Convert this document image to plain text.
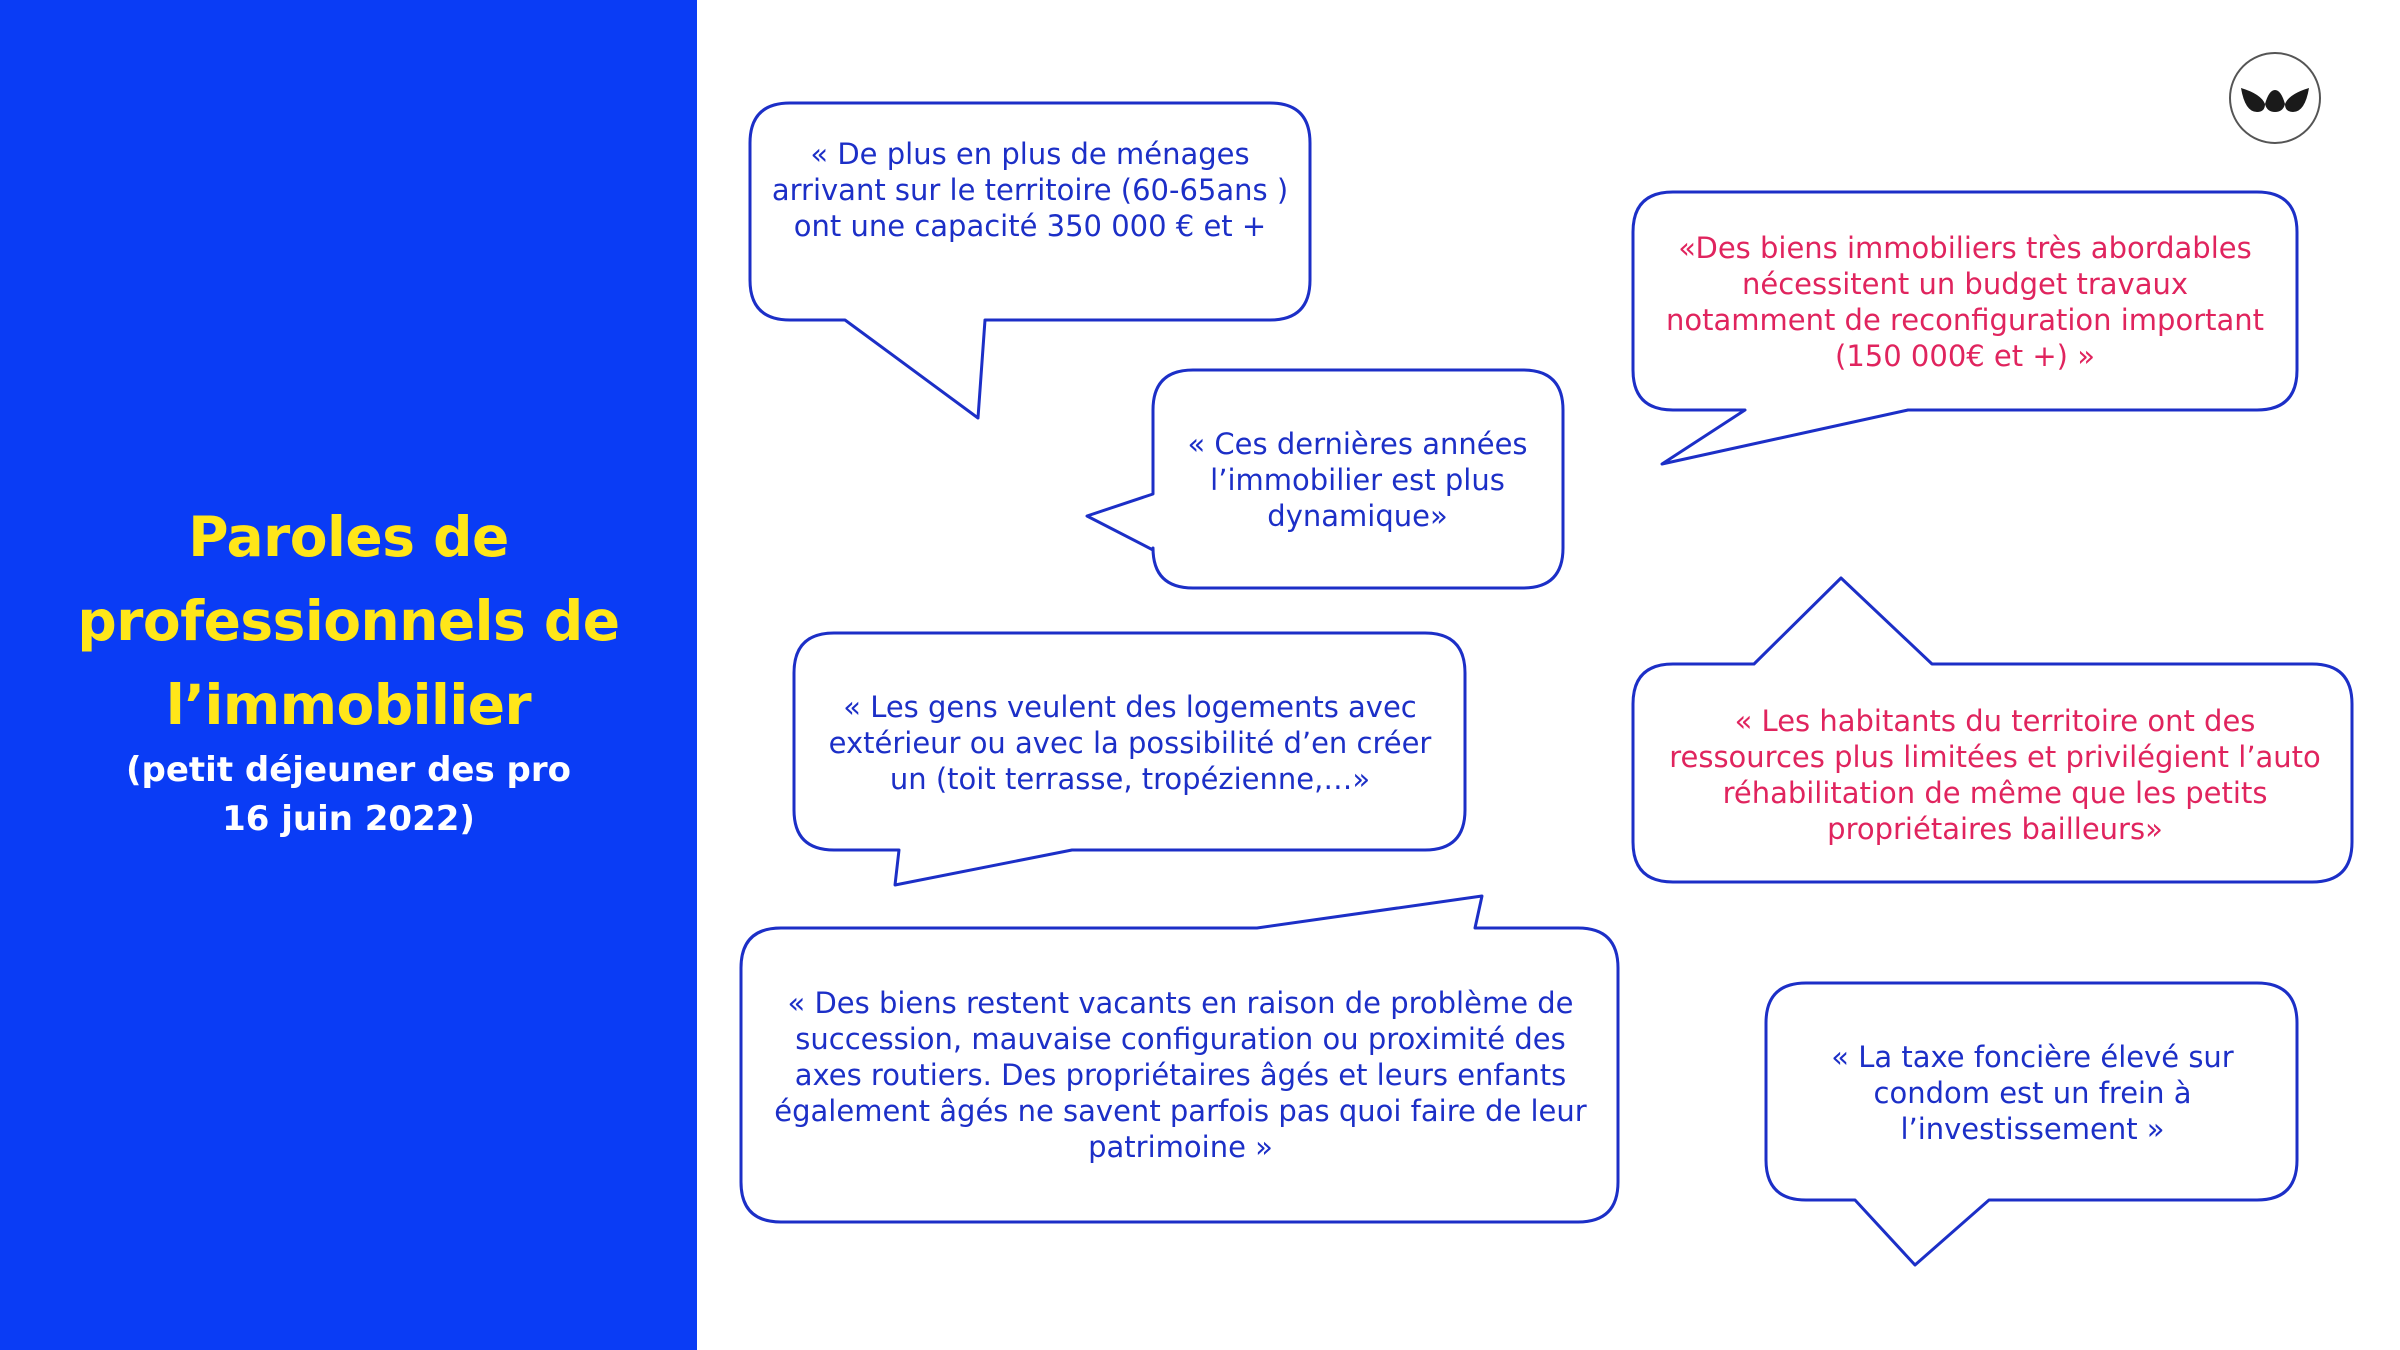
Paroles de
professionnels de
l’immobilier
(petit déjeuner des pro
16 juin 2022)
« De plus en plus de ménages arrivant sur le territoire (60-65ans ) ont une capacité 350 000 € et +
« Ces dernières années l’immobilier est plus dynamique»
« Les gens veulent des logements avec extérieur ou avec la possibilité d’en créer un (toit terrasse, tropézienne,…»
« Des biens restent vacants en raison de problème de succession, mauvaise configuration ou proximité des axes routiers. Des propriétaires âgés et leurs enfants également âgés ne savent parfois pas quoi faire de leur patrimoine »
«Des biens immobiliers très abordables nécessitent un budget travaux notamment de reconfiguration important (150 000€ et +) »
« Les habitants du territoire ont des ressources plus limitées et privilégient l’auto réhabilitation de même que les petits propriétaires bailleurs»
« La taxe foncière élevé sur condom est un frein à l’investissement »
